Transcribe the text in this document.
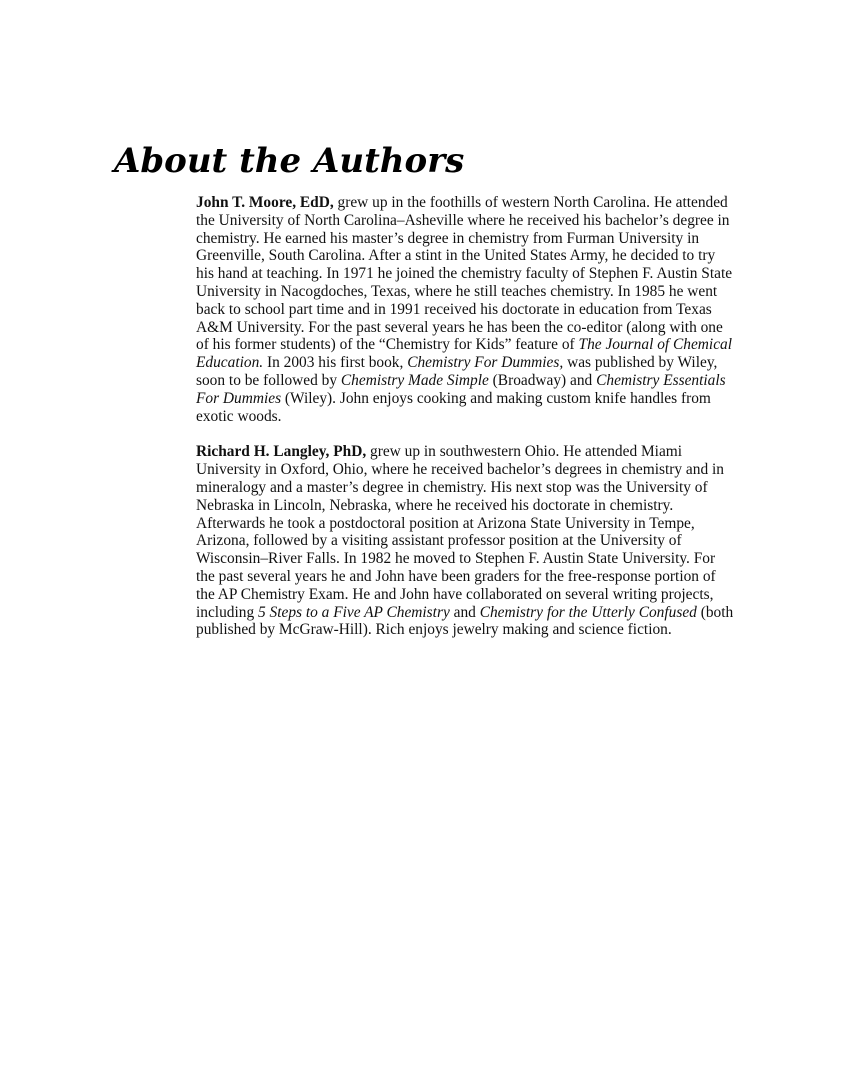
About the Authors

John T. Moore, EdD, grew up in the foothills of western North Carolina. He attended the University of North Carolina–Asheville where he received his bachelor’s degree in chemistry. He earned his master’s degree in chemistry from Furman University in Greenville, South Carolina. After a stint in the United States Army, he decided to try his hand at teaching. In 1971 he joined the chemistry faculty of Stephen F. Austin State University in Nacogdoches, Texas, where he still teaches chemistry. In 1985 he went back to school part time and in 1991 received his doctorate in education from Texas A&M University. For the past several years he has been the co-editor (along with one of his former students) of the “Chemistry for Kids” feature of The Journal of Chemical Education. In 2003 his first book, Chemistry For Dummies, was published by Wiley, soon to be followed by Chemistry Made Simple (Broadway) and Chemistry Essentials For Dummies (Wiley). John enjoys cooking and making custom knife handles from exotic woods.

Richard H. Langley, PhD, grew up in southwestern Ohio. He attended Miami University in Oxford, Ohio, where he received bachelor’s degrees in chemistry and in mineralogy and a master’s degree in chemistry. His next stop was the University of Nebraska in Lincoln, Nebraska, where he received his doctorate in chemistry. Afterwards he took a postdoctoral position at Arizona State University in Tempe, Arizona, followed by a visiting assistant professor position at the University of Wisconsin–River Falls. In 1982 he moved to Stephen F. Austin State University. For the past several years he and John have been graders for the free-response portion of the AP Chemistry Exam. He and John have collaborated on several writing projects, including 5 Steps to a Five AP Chemistry and Chemistry for the Utterly Confused (both published by McGraw-Hill). Rich enjoys jewelry making and science fiction.
